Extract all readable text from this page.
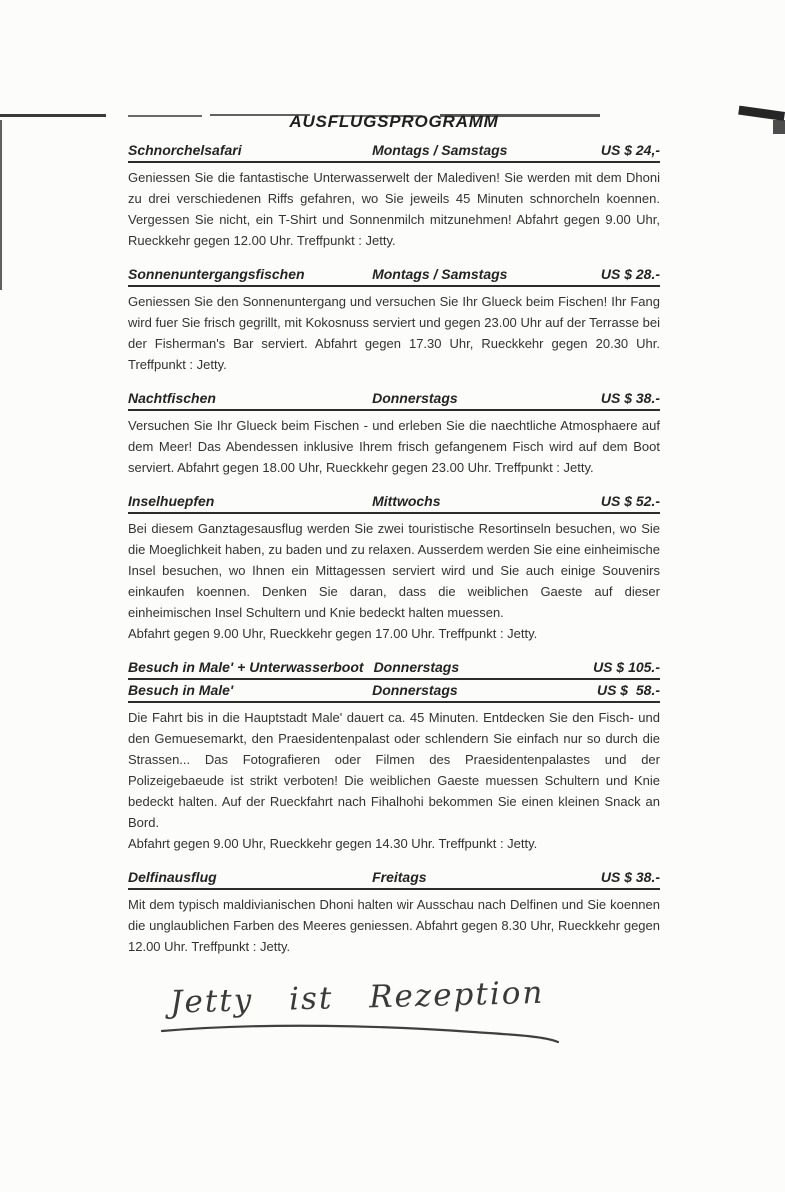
AUSFLUGSPROGRAMM
Schnorchelsafari	Montags / Samstags	US $ 24,-

Geniessen Sie die fantastische Unterwasserwelt der Malediven! Sie werden mit dem Dhoni zu drei verschiedenen Riffs gefahren, wo Sie jeweils 45 Minuten schnorcheln koennen. Vergessen Sie nicht, ein T-Shirt und Sonnenmilch mitzunehmen! Abfahrt gegen 9.00 Uhr, Rueckkehr gegen 12.00 Uhr. Treffpunkt : Jetty.

Sonnenuntergangsfischen	Montags / Samstags	US $ 28.-

Geniessen Sie den Sonnenuntergang und versuchen Sie Ihr Glueck beim Fischen! Ihr Fang wird fuer Sie frisch gegrillt, mit Kokosnuss serviert und gegen 23.00 Uhr auf der Terrasse bei der Fisherman's Bar serviert. Abfahrt gegen 17.30 Uhr, Rueckkehr gegen 20.30 Uhr. Treffpunkt : Jetty.

Nachtfischen	Donnerstags	US $ 38.-

Versuchen Sie Ihr Glueck beim Fischen - und erleben Sie die naechtliche Atmosphaere auf dem Meer! Das Abendessen inklusive Ihrem frisch gefangenem Fisch wird auf dem Boot serviert. Abfahrt gegen 18.00 Uhr, Rueckkehr gegen 23.00 Uhr. Treffpunkt : Jetty.

Inselhuepfen	Mittwochs	US $ 52.-

Bei diesem Ganztagesausflug werden Sie zwei touristische Resortinseln besuchen, wo Sie die Moeglichkeit haben, zu baden und zu relaxen. Ausserdem werden Sie eine einheimische Insel besuchen, wo Ihnen ein Mittagessen serviert wird und Sie auch einige Souvenirs einkaufen koennen. Denken Sie daran, dass die weiblichen Gaeste auf dieser einheimischen Insel Schultern und Knie bedeckt halten muessen.

Abfahrt gegen 9.00 Uhr, Rueckkehr gegen 17.00 Uhr. Treffpunkt : Jetty.

Besuch in Male' + Unterwasserboot Donnerstags	US $ 105.-
Besuch in Male'	Donnerstags	US $  58.-

Die Fahrt bis in die Hauptstadt Male' dauert ca. 45 Minuten. Entdecken Sie den Fisch- und den Gemuesemarkt, den Praesidentenpalast oder schlendern Sie einfach nur so durch die Strassen... Das Fotografieren oder Filmen des Praesidentenpalastes und der Polizeigebaeude ist strikt verboten! Die weiblichen Gaeste muessen Schultern und Knie bedeckt halten. Auf der Rueckfahrt nach Fihalhohi bekommen Sie einen kleinen Snack an Bord.

Abfahrt gegen 9.00 Uhr, Rueckkehr gegen 14.30 Uhr. Treffpunkt : Jetty.

Delfinausflug	Freitags	US $ 38.-

Mit dem typisch maldivianischen Dhoni halten wir Ausschau nach Delfinen und Sie koennen die unglaublichen Farben des Meeres geniessen. Abfahrt gegen 8.30 Uhr, Rueckkehr gegen 12.00 Uhr. Treffpunkt : Jetty.

Jetty ist Rezeption
